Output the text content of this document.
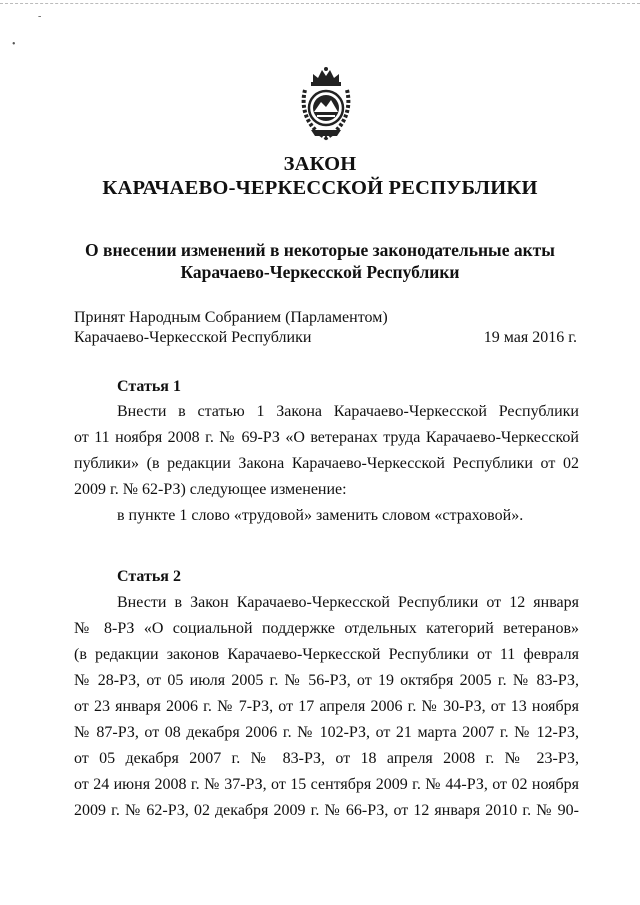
-
•
ЗАКОН
КАРАЧАЕВО-ЧЕРКЕССКОЙ РЕСПУБЛИКИ
О внесении изменений в некоторые законодательные акты
Карачаево-Черкесской Республики
Принят Народным Собранием (Парламентом)
Карачаево-Черкесской Республики	19 мая 2016 г.
Статья 1
Внести в статью 1 Закона Карачаево-Черкесской Республики
от 11 ноября 2008 г. № 69-РЗ «О ветеранах труда Карачаево-Черкесской
публики» (в редакции Закона Карачаево-Черкесской Республики от 02
2009 г. № 62-РЗ) следующее изменение:
в пункте 1 слово «трудовой» заменить словом «страховой».
Статья 2
Внести в Закон Карачаево-Черкесской Республики от 12 января
№ 8-РЗ «О социальной поддержке отдельных категорий ветеранов»
(в редакции законов Карачаево-Черкесской Республики от 11 февраля
№ 28-РЗ, от 05 июля 2005 г. № 56-РЗ, от 19 октября 2005 г. № 83-РЗ,
от 23 января 2006 г. № 7-РЗ, от 17 апреля 2006 г. № 30-РЗ, от 13 ноября
№ 87-РЗ, от 08 декабря 2006 г. № 102-РЗ, от 21 марта 2007 г. № 12-РЗ,
от 05 декабря 2007 г. № 83-РЗ, от 18 апреля 2008 г. № 23-РЗ,
от 24 июня 2008 г. № 37-РЗ, от 15 сентября 2009 г. № 44-РЗ, от 02 ноября
2009 г. № 62-РЗ, 02 декабря 2009 г. № 66-РЗ, от 12 января 2010 г. № 90-
